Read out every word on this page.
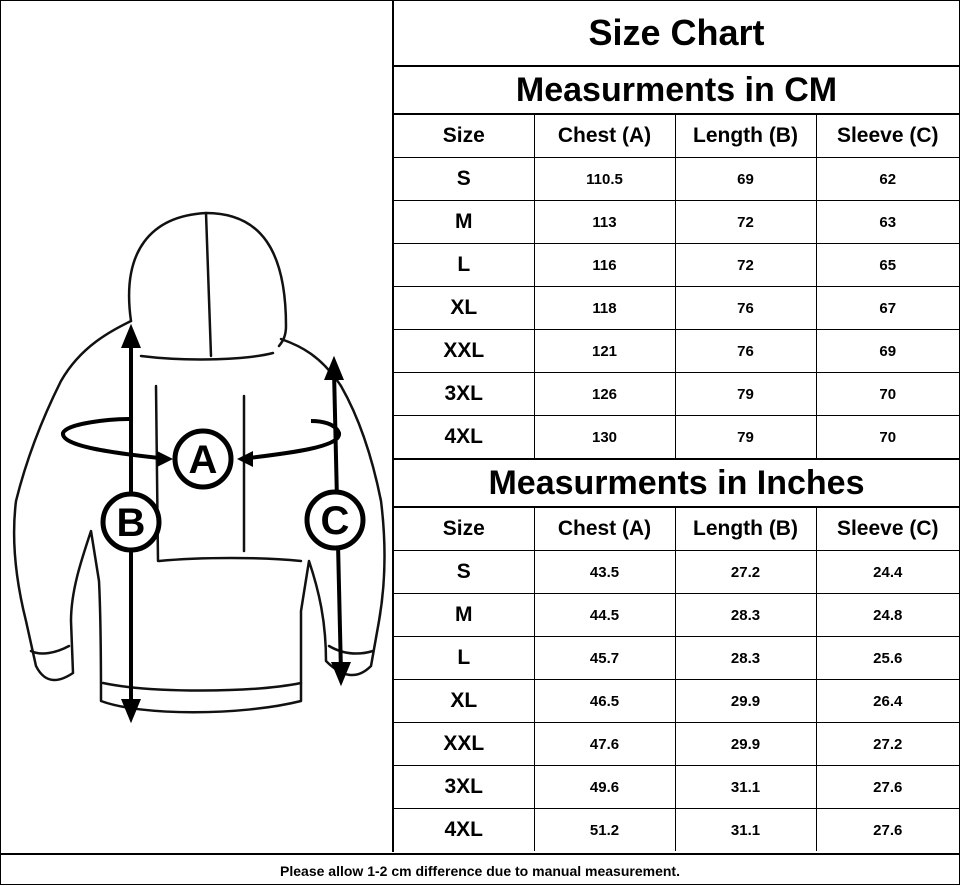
A
B	C
Size Chart
Measurments in CM
Size	Chest (A)	Length (B)	Sleeve (C)
S	110.5	69	62
M	113	72	63
L	116	72	65
XL	118	76	67
XXL	121	76	69
3XL	126	79	70
4XL	130	79	70
Measurments in Inches
Size	Chest (A)	Length (B)	Sleeve (C)
S	43.5	27.2	24.4
M	44.5	28.3	24.8
L	45.7	28.3	25.6
XL	46.5	29.9	26.4
XXL	47.6	29.9	27.2
3XL	49.6	31.1	27.6
4XL	51.2	31.1	27.6
Please allow 1-2 cm difference due to manual measurement.
